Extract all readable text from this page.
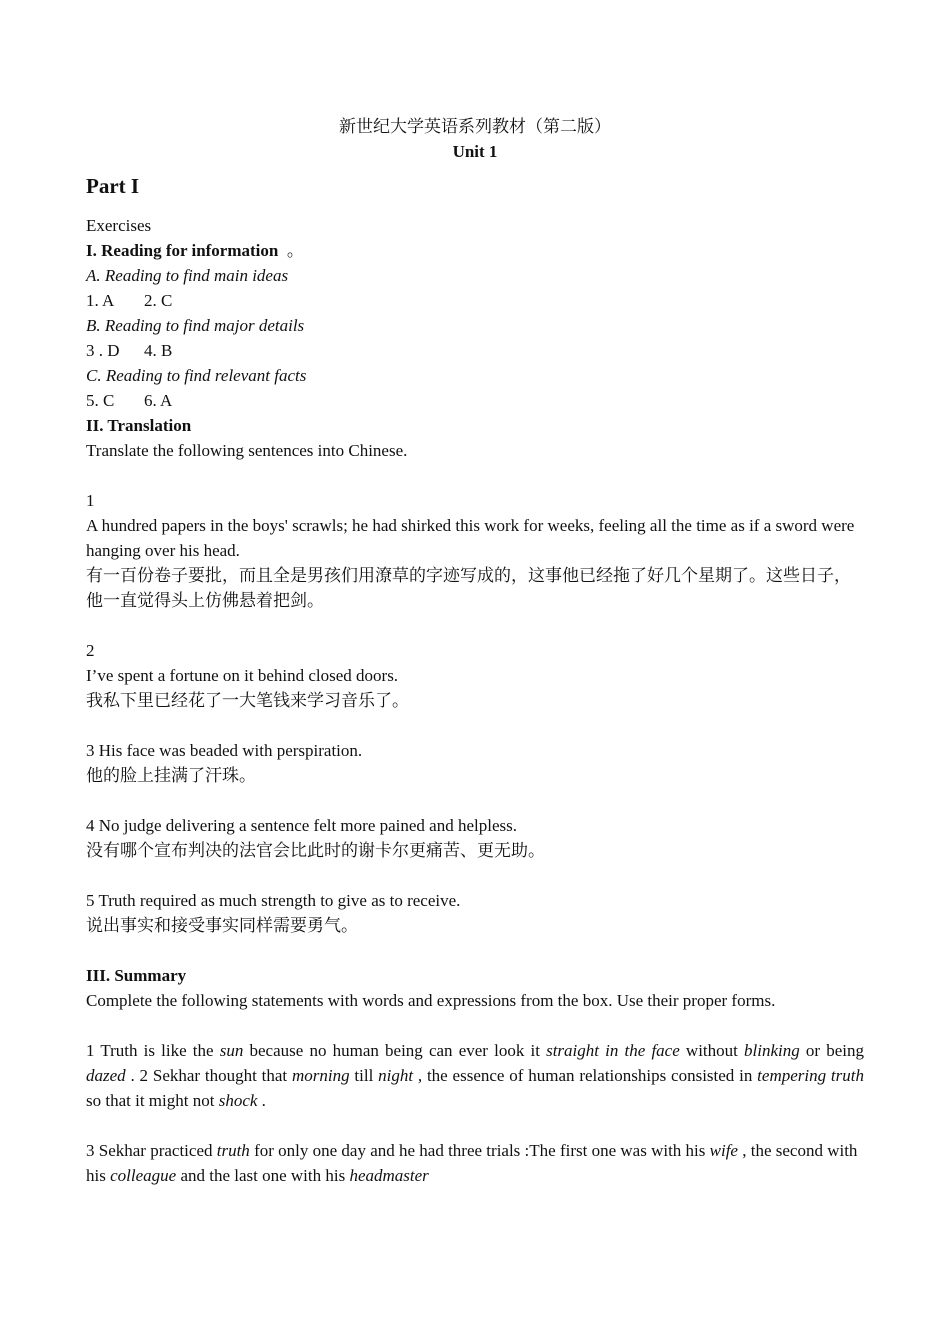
新世纪大学英语系列教材（第二版）
Unit 1
Part I

Exercises

I. Reading for information 。

A. Reading to find main ideas

1. A 2. C

B. Reading to find major details

3 . D 4. B

C. Reading to find relevant facts

5. C 6. A

II. Translation

Translate the following sentences into Chinese.

1

A hundred papers in the boys' scrawls; he had shirked this work for weeks, feeling all the time as if a sword were hanging over his head.

有一百份卷子要批，而且全是男孩们用潦草的字迹写成的，这事他已经拖了好几个星期了。这些日子，他一直觉得头上仿佛悬着把剑。

2

I’ve spent a fortune on it behind closed doors.

我私下里已经花了一大笔钱来学习音乐了。

3 His face was beaded with perspiration.

他的脸上挂满了汗珠。

4 No judge delivering a sentence felt more pained and helpless.

没有哪个宣布判决的法官会比此时的谢卡尔更痛苦、更无助。

5 Truth required as much strength to give as to receive.

说出事实和接受事实同样需要勇气。

III. Summary

Complete the following statements with words and expressions from the box. Use their proper forms.

1 Truth is like the sun because no human being can ever look it straight in the face without blinking or being dazed . 2 Sekhar thought that morning till night , the essence of human relationships consisted in tempering truth so that it might not shock .

3 Sekhar practiced truth for only one day and he had three trials :The first one was with his wife , the second with his colleague and the last one with his headmaster
